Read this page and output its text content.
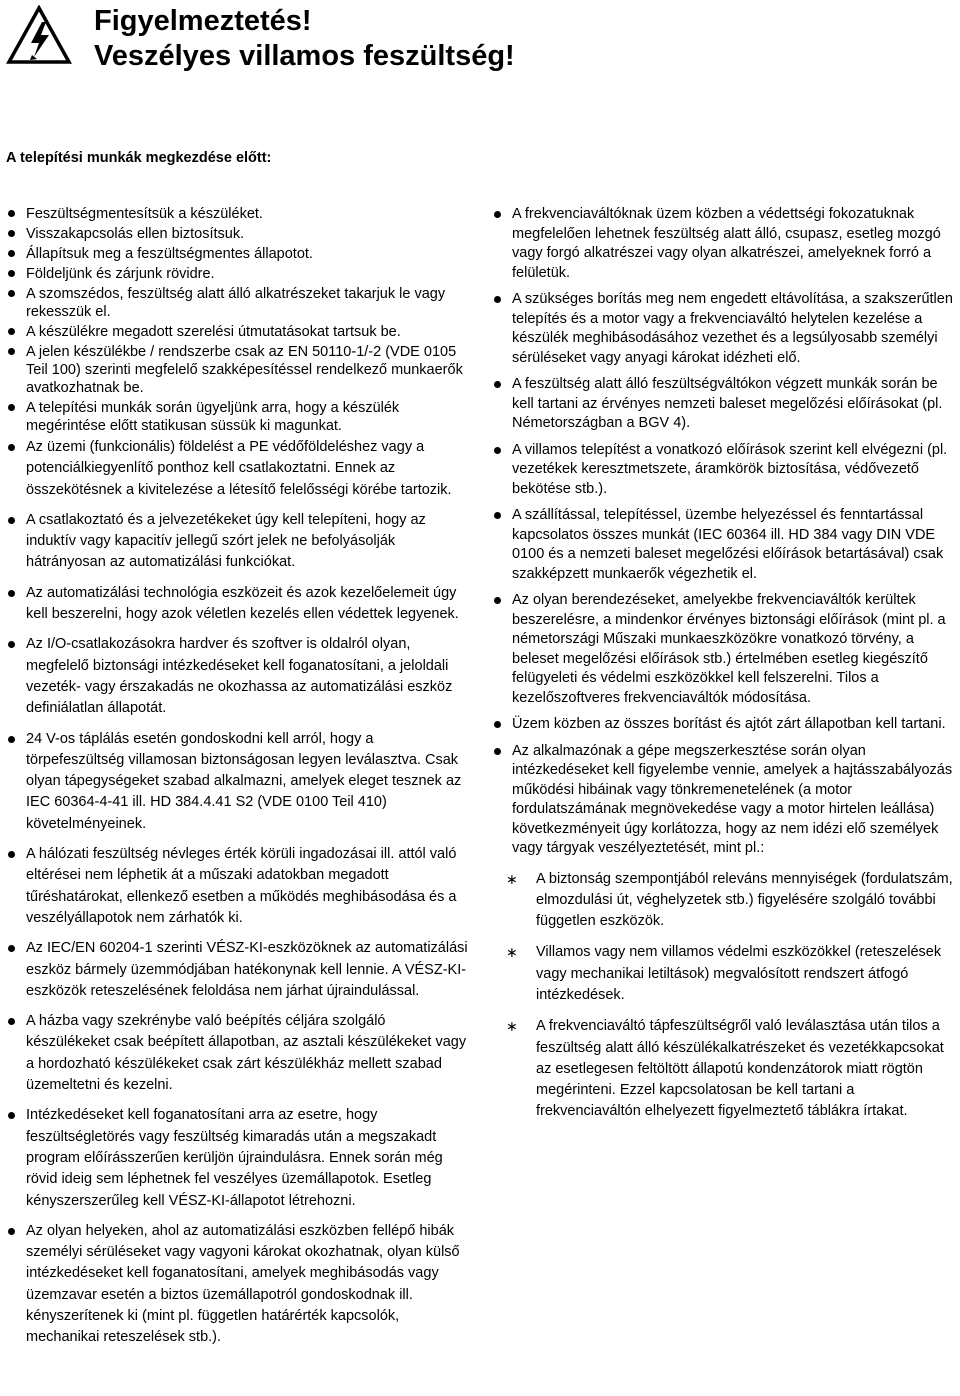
Figyelmeztetés!
Veszélyes villamos feszültség!
A telepítési munkák megkezdése előtt:
Feszültségmentesítsük a készüléket.
Visszakapcsolás ellen biztosítsuk.
Állapítsuk meg a feszültségmentes állapotot.
Földeljünk és zárjunk rövidre.
A szomszédos, feszültség alatt álló alkatrészeket takarjuk le vagy rekesszük el.
A készülékre megadott szerelési útmutatásokat tartsuk be.
A jelen készülékbe / rendszerbe csak az EN 50110-1/-2 (VDE 0105 Teil 100) szerinti megfelelő szakképesítéssel rendelkező munkaerők avatkozhatnak be.
A telepítési munkák során ügyeljünk arra, hogy a készülék megérintése előtt statikusan süssük ki magunkat.
Az üzemi (funkcionális) földelést a PE védőföldeléshez vagy a potenciálkiegyenlítő ponthoz kell csatlakoztatni. Ennek az összekötésnek a kivitelezése a létesítő felelősségi körébe tartozik.
A csatlakoztató és a jelvezetékeket úgy kell telepíteni, hogy az induktív vagy kapacitív jellegű szórt jelek ne befolyásolják hátrányosan az automatizálási funkciókat.
Az automatizálási technológia eszközeit és azok kezelőelemeit úgy kell beszerelni, hogy azok véletlen kezelés ellen védettek legyenek.
Az I/O-csatlakozásokra hardver és szoftver is oldalról olyan, megfelelő biztonsági intézkedéseket kell foganatosítani, a jeloldali vezeték- vagy érszakadás ne okozhassa az automatizálási eszköz definiálatlan állapotát.
24 V-os táplálás esetén gondoskodni kell arról, hogy a törpefeszültség villamosan biztonságosan legyen leválasztva. Csak olyan tápegységeket szabad alkalmazni, amelyek eleget tesznek az IEC 60364-4-41 ill. HD 384.4.41 S2 (VDE 0100 Teil 410) követelményeinek.
A hálózati feszültség névleges érték körüli ingadozásai ill. attól való eltérései nem léphetik át a műszaki adatokban megadott tűréshatárokat, ellenkező esetben a működés meghibásodása és a veszélyállapotok nem zárhatók ki.
Az IEC/EN 60204-1 szerinti VÉSZ-KI-eszközöknek az automatizálási eszköz bármely üzemmódjában hatékonynak kell lennie. A VÉSZ-KI-eszközök reteszelésének feloldása nem járhat újraindulással.
A házba vagy szekrénybe való beépítés céljára szolgáló készülékeket csak beépített állapotban, az asztali készülékeket vagy a hordozható készülékeket csak zárt készülékház mellett szabad üzemeltetni és kezelni.
Intézkedéseket kell foganatosítani arra az esetre, hogy feszültségletörés vagy feszültség kimaradás után a megszakadt program előírásszerűen kerüljön újraindulásra. Ennek során még rövid ideig sem léphetnek fel veszélyes üzemállapotok. Esetleg kényszerszerűleg kell VÉSZ-KI-állapotot létrehozni.
Az olyan helyeken, ahol az automatizálási eszközben fellépő hibák személyi sérüléseket vagy vagyoni károkat okozhatnak, olyan külső intézkedéseket kell foganatosítani, amelyek meghibásodás vagy üzemzavar esetén a biztos üzemállapotról gondoskodnak ill. kényszerítenek ki (mint pl. független határérték kapcsolók, mechanikai reteszelések stb.).
A frekvenciaváltóknak üzem közben a védettségi fokozatuknak megfelelően lehetnek feszültség alatt álló, csupasz, esetleg mozgó vagy forgó alkatrészei vagy olyan alkatrészei, amelyeknek forró a felületük.
A szükséges borítás meg nem engedett eltávolítása, a szakszerűtlen telepítés és a motor vagy a frekvenciaváltó helytelen kezelése a készülék meghibásodásához vezethet és a legsúlyosabb személyi sérüléseket vagy anyagi károkat idézheti elő.
A feszültség alatt álló feszültségváltókon végzett munkák során be kell tartani az érvényes nemzeti baleset megelőzési előírásokat (pl. Németországban a BGV 4).
A villamos telepítést a vonatkozó előírások szerint kell elvégezni (pl. vezetékek keresztmetszete, áramkörök biztosítása, védővezető bekötése stb.).
A szállítással, telepítéssel, üzembe helyezéssel és fenntartással kapcsolatos összes munkát (IEC 60364 ill. HD 384 vagy DIN VDE 0100 és a nemzeti baleset megelőzési előírások betartásával) csak szakképzett munkaerők végezhetik el.
Az olyan berendezéseket, amelyekbe frekvenciaváltók kerültek beszerelésre, a mindenkor érvényes biztonsági előírások (mint pl. a németországi Műszaki munkaeszközökre vonatkozó törvény, a beleset megelőzési előírások stb.) értelmében esetleg kiegészítő felügyeleti és védelmi eszközökkel kell felszerelni. Tilos a kezelőszoftveres frekvenciaváltók módosítása.
Üzem közben az összes borítást és ajtót zárt állapotban kell tartani.
Az alkalmazónak a gépe megszerkesztése során olyan intézkedéseket kell figyelembe vennie, amelyek a hajtásszabályozás működési hibáinak vagy tönkremenetelének (a motor fordulatszámának megnövekedése vagy a motor hirtelen leállása) következményeit úgy korlátozza, hogy az nem idézi elő személyek vagy tárgyak veszélyeztetését, mint pl.:
∗ A biztonság szempontjából releváns mennyiségek (fordulatszám, elmozdulási út, véghelyzetek stb.) figyelésére szolgáló további független eszközök.
∗ Villamos vagy nem villamos védelmi eszközökkel (reteszelések vagy mechanikai letiltások) megvalósított rendszert átfogó intézkedések.
∗ A frekvenciaváltó tápfeszültségről való leválasztása után tilos a feszültség alatt álló készülékalkatrészeket és vezetékkapcsokat az esetlegesen feltöltött állapotú kondenzátorok miatt rögtön megérinteni. Ezzel kapcsolatosan be kell tartani a frekvenciaváltón elhelyezett figyelmeztető táblákra írtakat.
